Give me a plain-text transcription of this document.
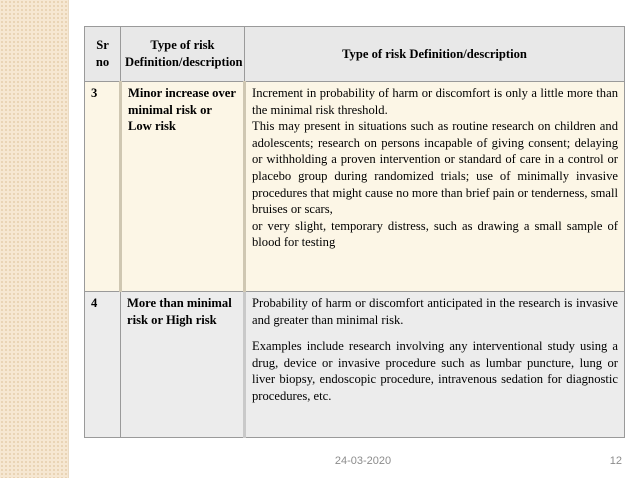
Sr no	Type of risk Definition/description	Type of risk Definition/description
3	Minor increase over minimal risk or Low risk	Increment in probability of harm or discomfort is only a little more than the minimal risk threshold.

This may present in situations such as routine research on children and adolescents; research on persons incapable of giving consent; delaying or withholding a proven intervention or standard of care in a control or placebo group during randomized trials; use of minimally invasive procedures that might cause no more than brief pain or tenderness, small bruises or scars,

or very slight, temporary distress, such as drawing a small sample of blood for testing

4	More than minimal risk or High risk	Probability of harm or discomfort anticipated in the research is invasive and greater than minimal risk.

Examples include research involving any interventional study using a drug, device or invasive procedure such as lumbar puncture, lung or liver biopsy, endoscopic procedure, intravenous sedation for diagnostic procedures, etc.

24-03-2020	12
